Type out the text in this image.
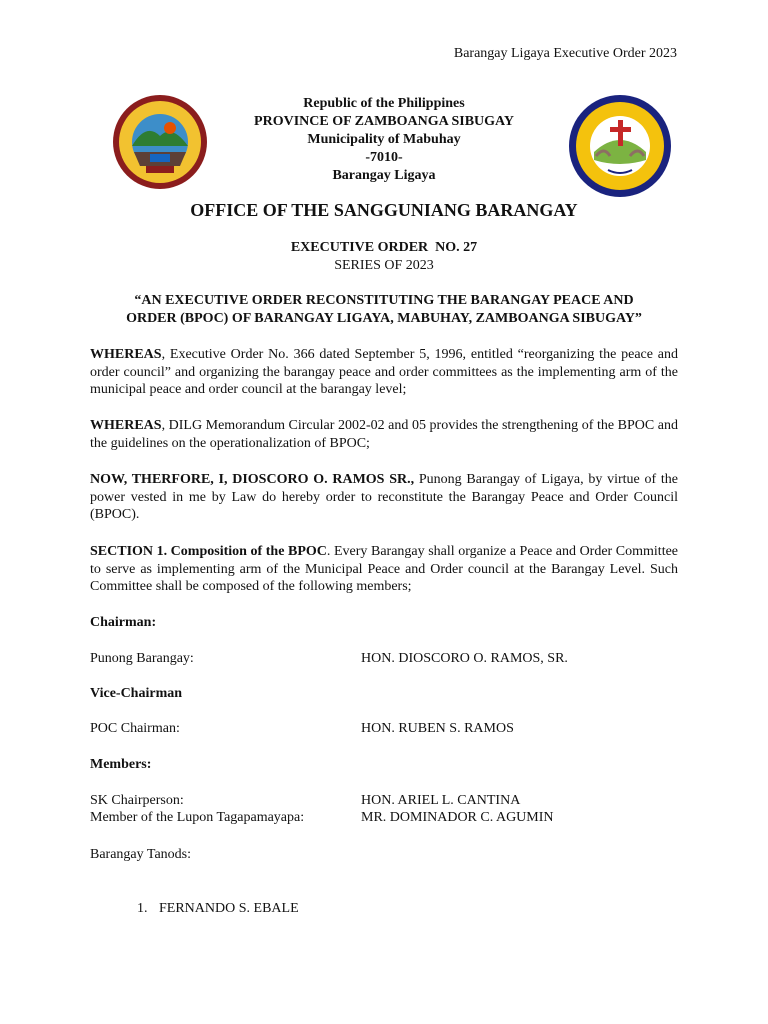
Barangay Ligaya Executive Order 2023
Republic of the Philippines
PROVINCE OF ZAMBOANGA SIBUGAY
Municipality of Mabuhay
-7010-
Barangay Ligaya
OFFICE OF THE SANGGUNIANG BARANGAY
EXECUTIVE ORDER  NO. 27
SERIES OF 2023
“AN EXECUTIVE ORDER RECONSTITUTING THE BARANGAY PEACE AND
ORDER (BPOC) OF BARANGAY LIGAYA, MABUHAY, ZAMBOANGA SIBUGAY”
WHEREAS, Executive Order No. 366 dated September 5, 1996, entitled “reorganizing the peace and order council” and organizing the barangay peace and order committees as the implementing arm of the municipal peace and order council at the barangay level;
WHEREAS, DILG Memorandum Circular 2002-02 and 05 provides the strengthening of the BPOC and the guidelines on the operationalization of BPOC;
NOW, THERFORE, I, DIOSCORO O. RAMOS SR., Punong Barangay of Ligaya, by virtue of the power vested in me by Law do hereby order to reconstitute the Barangay Peace and Order Council (BPOC).
SECTION 1. Composition of the BPOC. Every Barangay shall organize a Peace and Order Committee to serve as implementing arm of the Municipal Peace and Order council at the Barangay Level. Such Committee shall be composed of the following members;
Chairman:
Punong Barangay:	HON. DIOSCORO O. RAMOS, SR.
Vice-Chairman
POC Chairman:	HON. RUBEN S. RAMOS
Members:
SK Chairperson:	HON. ARIEL L. CANTINA
Member of the Lupon Tagapamayapa:	MR. DOMINADOR C. AGUMIN
Barangay Tanods:
1. FERNANDO S. EBALE
